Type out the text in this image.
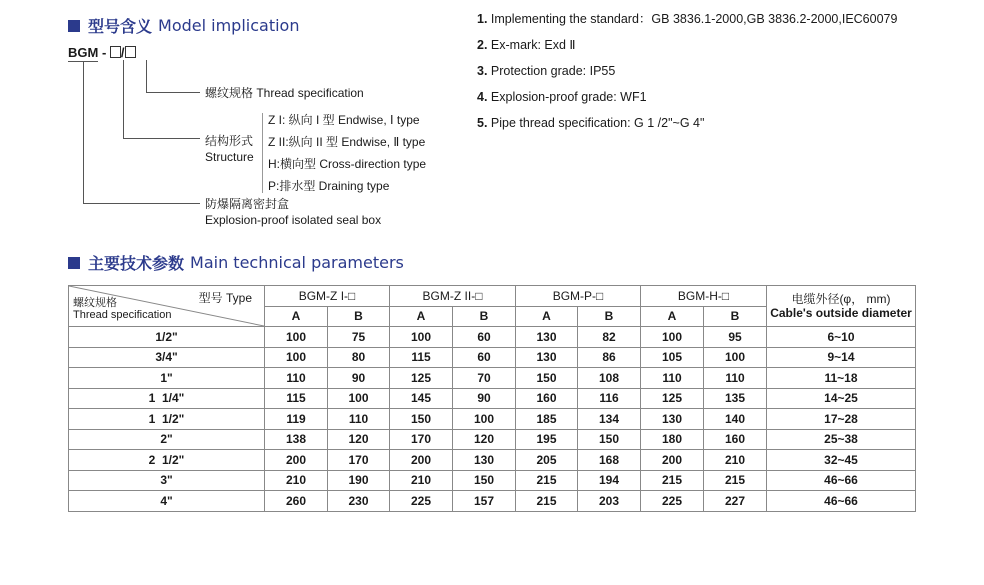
型号含义 Model implication
BGM - /
螺纹规格 Thread specification
结构形式
Structure
Z I: 纵向 I 型 Endwise, Ⅰ type
Z II:纵向 II 型 Endwise, Ⅱ type
H:横向型 Cross-direction type
P:排水型 Draining type
防爆隔离密封盒
Explosion-proof isolated seal box
1. Implementing the standard：GB 3836.1-2000,GB 3836.2-2000,IEC60079
2. Ex-mark: Exd Ⅱ
3. Protection grade: IP55
4. Explosion-proof grade: WF1
5. Pipe thread specification: G 1 /2"~G 4"
主要技术参数 Main technical parameters
型号 Type
螺纹规格
Thread specification	BGM-Z I-□		BGM-Z II-□		BGM-P-□		BGM-H-□		电缆外径(φ， mm)
Cable's outside diameter

	A	B	A	B	A	B	A	B	
1/2"	100	75	100	60	130	82	100	95	6~10
3/4"	100	80	115	60	130	86	105	100	9~14
1"	110	90	125	70	150	108	110	110	11~18
1  1/4"	115	100	145	90	160	116	125	135	14~25
1  1/2"	119	110	150	100	185	134	130	140	17~28
2"	138	120	170	120	195	150	180	160	25~38
2  1/2"	200	170	200	130	205	168	200	210	32~45
3"	210	190	210	150	215	194	215	215	46~66
4"	260	230	225	157	215	203	225	227	46~66
